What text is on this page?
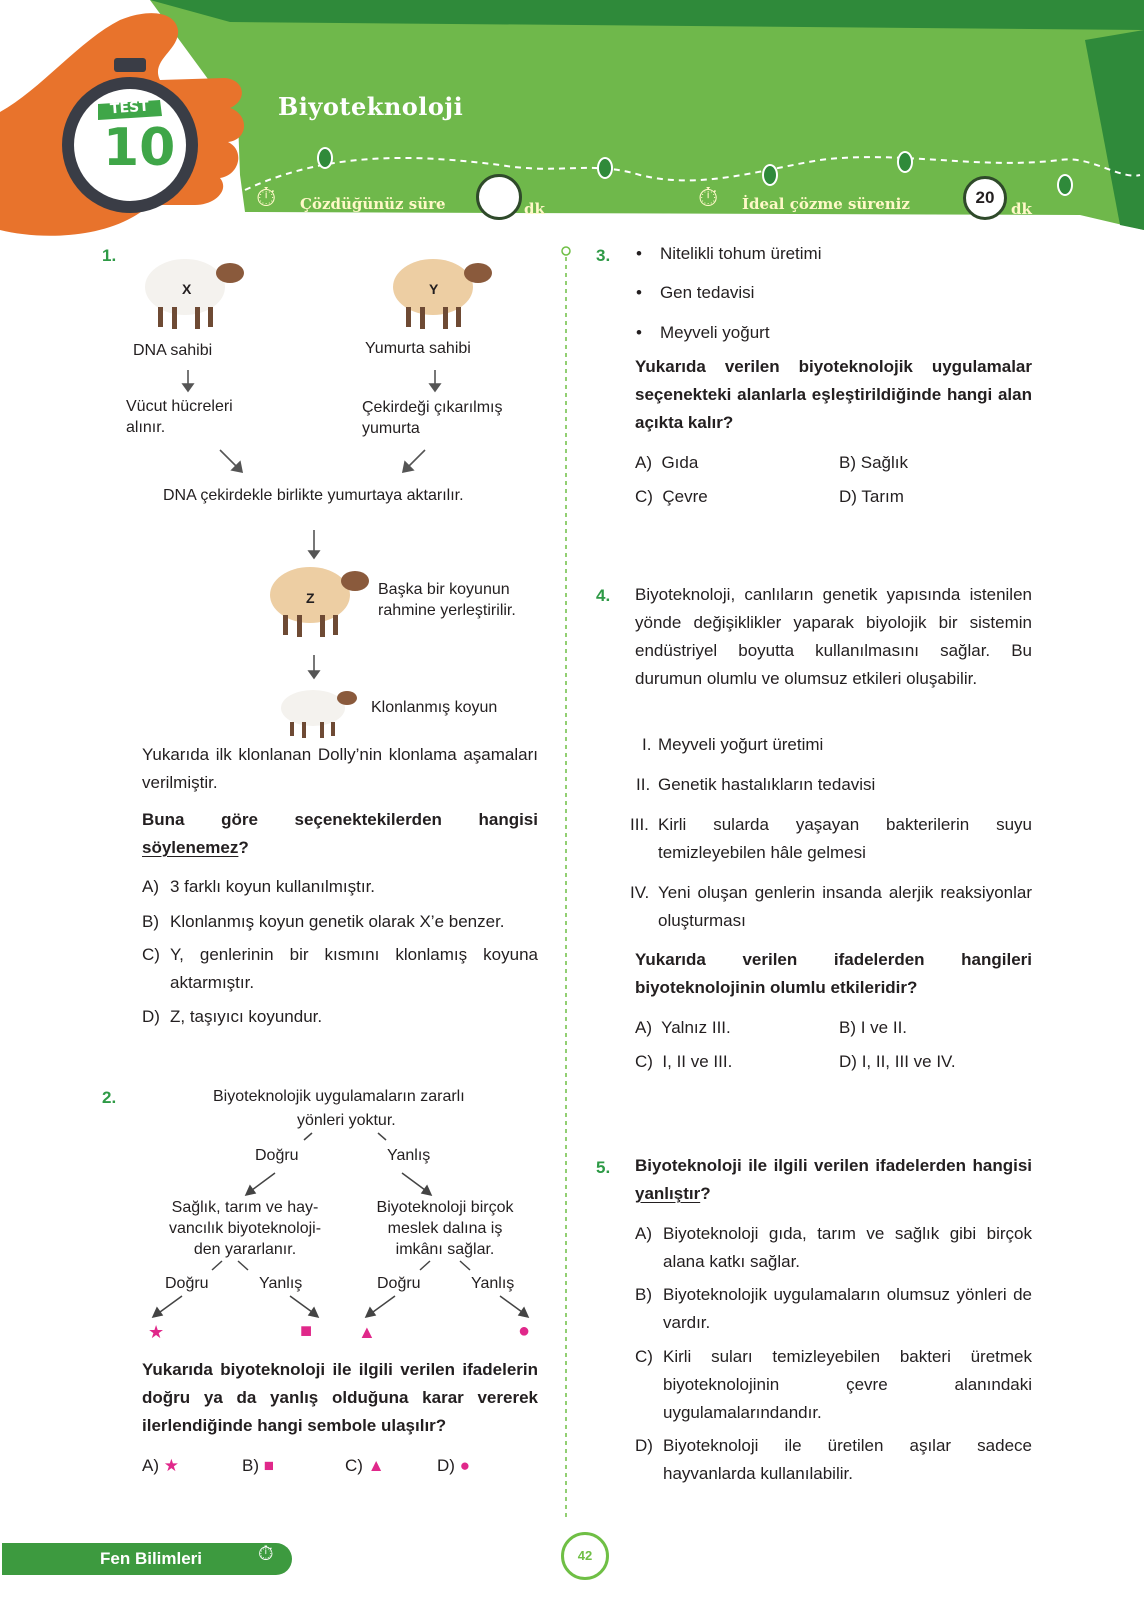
TEST
10
Biyoteknoloji
⏱ Çözdüğünüz süre	dk	⏱ İdeal çözme süreniz	20
dk
1.
X	Y
DNA sahibi	Yumurta sahibi
Vücut hücreleri
alınır.
Çekirdeği çıkarılmış
yumurta
DNA çekirdekle birlikte yumurtaya aktarılır.
Z	Başka bir koyunun
rahmine yerleştirilir.
Klonlanmış koyun
Yukarıda ilk klonlanan Dolly’nin klonlama aşamaları verilmiştir.
Buna göre seçenektekilerden hangisi söylenemez?
A) 3 farklı koyun kullanılmıştır.
B) Klonlanmış koyun genetik olarak X’e benzer.
C) Y, genlerinin bir kısmını klonlamış koyuna aktarmıştır.
D) Z, taşıyıcı koyundur.
2.	Biyoteknolojik uygulamaların zararlı
yönleri yoktur.
Doğru	Yanlış
Sağlık, tarım ve hay-
vancılık biyoteknoloji-
den yararlanır.
Biyoteknoloji birçok
meslek dalına iş
imkânı sağlar.
Doğru	Yanlış	Doğru	Yanlış
★	■	▲	●
Yukarıda biyoteknoloji ile ilgili verilen ifadelerin doğru ya da yanlış olduğuna karar vererek ilerlendiğinde hangi sembole ulaşılır?
A) ★	B) ■	C) ▲	D) ●
3. • Nitelikli tohum üretimi
• Gen tedavisi
• Meyveli yoğurt
Yukarıda verilen biyoteknolojik uygulamalar seçenekteki alanlarla eşleştirildiğinde hangi alan açıkta kalır?
A) Gıda	B) Sağlık
C) Çevre	D) Tarım
4. Biyoteknoloji, canlıların genetik yapısında istenilen yönde değişiklikler yaparak biyolojik bir sistemin endüstriyel boyutta kullanılmasını sağlar. Bu durumun olumlu ve olumsuz etkileri oluşabilir.
I. Meyveli yoğurt üretimi
II. Genetik hastalıkların tedavisi
III. Kirli sularda yaşayan bakterilerin suyu temizleyebilen hâle gelmesi
IV. Yeni oluşan genlerin insanda alerjik reaksiyonlar oluşturması
Yukarıda verilen ifadelerden hangileri biyoteknolojinin olumlu etkileridir?
A) Yalnız III.	B) I ve II.
C) I, II ve III.	D) I, II, III ve IV.
5. Biyoteknoloji ile ilgili verilen ifadelerden hangisi yanlıştır?
A) Biyoteknoloji gıda, tarım ve sağlık gibi birçok alana katkı sağlar.
B) Biyoteknolojik uygulamaların olumsuz yönleri de vardır.
C) Kirli suları temizleyebilen bakteri üretmek biyoteknolojinin çevre alanındaki uygulamalarındandır.
D) Biyoteknoloji ile üretilen aşılar sadece hayvanlarda kullanılabilir.
Fen Bilimleri	⏱	42
